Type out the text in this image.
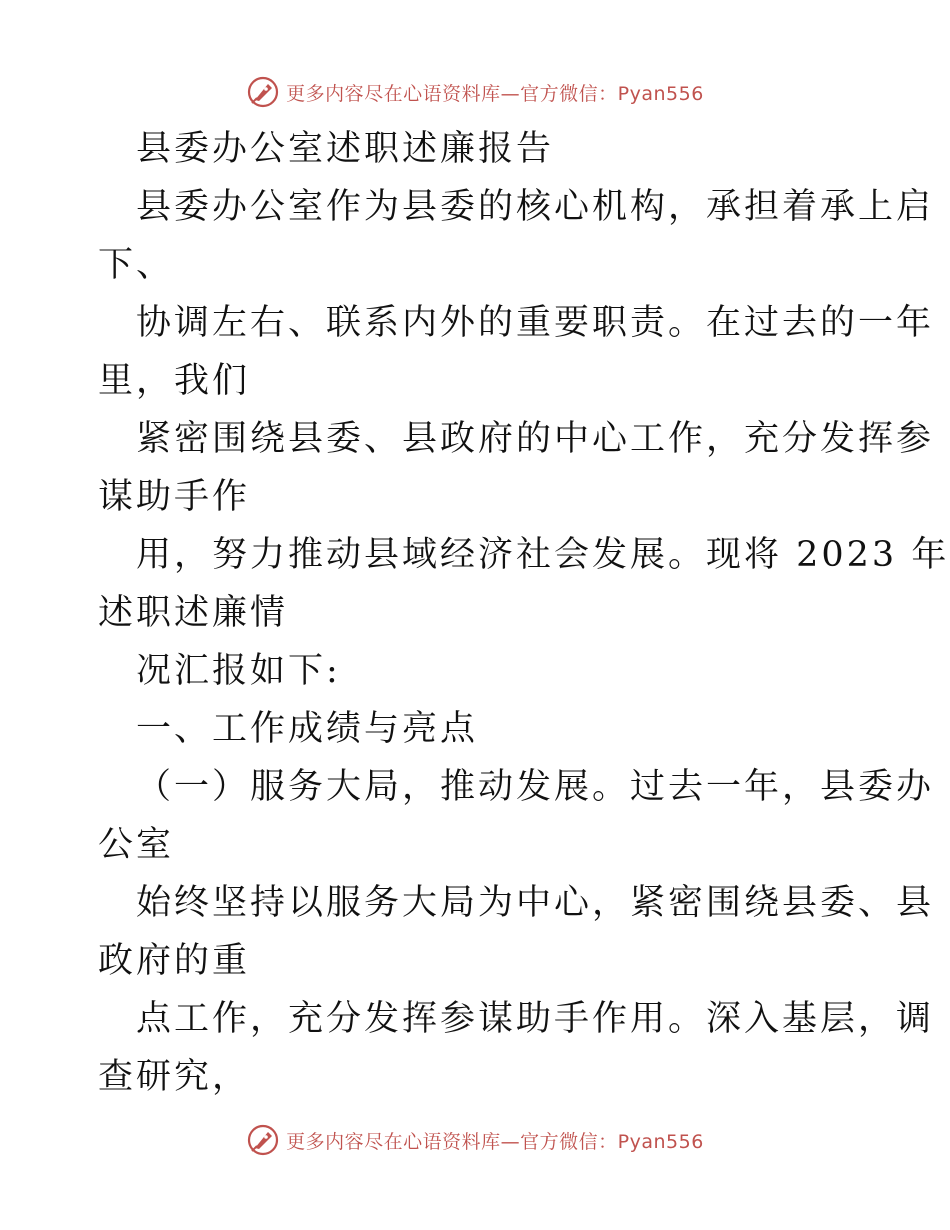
更多内容尽在心语资料库—官方微信：Pyan556
县委办公室述职述廉报告
县委办公室作为县委的核心机构，承担着承上启
下、
协调左右、联系内外的重要职责。在过去的一年
里，我们
紧密围绕县委、县政府的中心工作，充分发挥参
谋助手作
用，努力推动县域经济社会发展。现将 2023 年
述职述廉情
况汇报如下:
一、工作成绩与亮点
（一）服务大局，推动发展。过去一年，县委办
公室
始终坚持以服务大局为中心，紧密围绕县委、县
政府的重
点工作，充分发挥参谋助手作用。深入基层，调
查研究，
更多内容尽在心语资料库—官方微信：Pyan556
